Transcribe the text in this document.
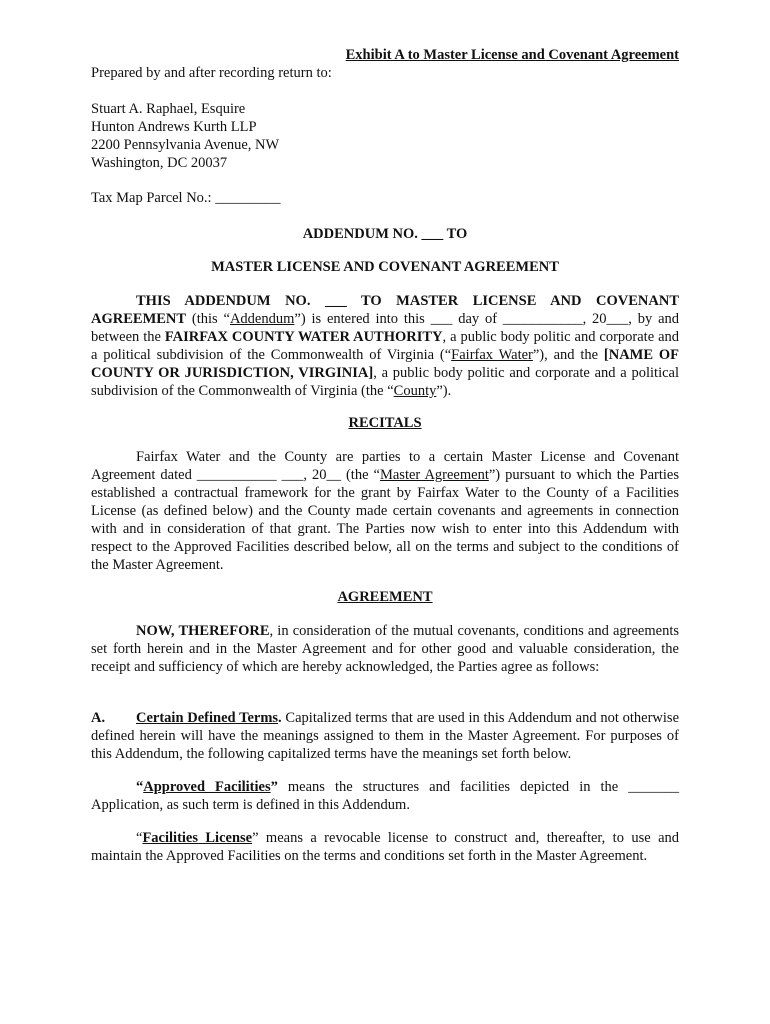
Exhibit A to Master License and Covenant Agreement
Prepared by and after recording return to:
Stuart A. Raphael, Esquire
Hunton Andrews Kurth LLP
2200 Pennsylvania Avenue, NW
Washington, DC 20037
Tax Map Parcel No.: _________
ADDENDUM NO. ___ TO
MASTER LICENSE AND COVENANT AGREEMENT
THIS ADDENDUM NO. ___ TO MASTER LICENSE AND COVENANT AGREEMENT (this “Addendum”) is entered into this ___ day of ___________, 20___, by and between the FAIRFAX COUNTY WATER AUTHORITY, a public body politic and corporate and a political subdivision of the Commonwealth of Virginia (“Fairfax Water”), and the [NAME OF COUNTY OR JURISDICTION, VIRGINIA], a public body politic and corporate and a political subdivision of the Commonwealth of Virginia (the “County”).
RECITALS
Fairfax Water and the County are parties to a certain Master License and Covenant Agreement dated ___________ ___, 20__ (the “Master Agreement”) pursuant to which the Parties established a contractual framework for the grant by Fairfax Water to the County of a Facilities License (as defined below) and the County made certain covenants and agreements in connection with and in consideration of that grant. The Parties now wish to enter into this Addendum with respect to the Approved Facilities described below, all on the terms and subject to the conditions of the Master Agreement.
AGREEMENT
NOW, THEREFORE, in consideration of the mutual covenants, conditions and agreements set forth herein and in the Master Agreement and for other good and valuable consideration, the receipt and sufficiency of which are hereby acknowledged, the Parties agree as follows:
A. Certain Defined Terms. Capitalized terms that are used in this Addendum and not otherwise defined herein will have the meanings assigned to them in the Master Agreement. For purposes of this Addendum, the following capitalized terms have the meanings set forth below.
“Approved Facilities” means the structures and facilities depicted in the _______ Application, as such term is defined in this Addendum.
“Facilities License” means a revocable license to construct and, thereafter, to use and maintain the Approved Facilities on the terms and conditions set forth in the Master Agreement.
